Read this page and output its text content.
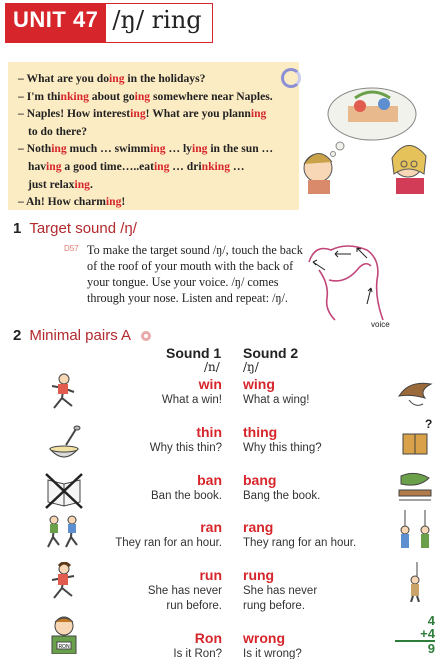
UNIT 47 /ŋ/ ring
– What are you doing in the holidays?
– I'm thinking about going somewhere near Naples.
– Naples! How interesting! What are you planning
to do there?
– Nothing much … swimming … lying in the sun …
having a good time…..eating … drinking …
just relaxing.
– Ah! How charming!
1 Target sound /ŋ/
D57 To make the target sound /ŋ/, touch the back of the roof of your mouth with the back of your tongue. Use your voice. /ŋ/ comes through your nose. Listen and repeat: /ŋ/.
voice
2 Minimal pairs A
Sound 1 Sound 2
/n/ /ŋ/
win wing
What a win! What a wing!
thin thing
Why this thin? Why this thing?
ban bang
Ban the book. Bang the book.
ran rang
They ran for an hour. They rang for an hour.
run rung
She has never
run before.
She has never
rung before.
Ron wrong
Is it Ron? Is it wrong?
RON
?
4
+4
9
